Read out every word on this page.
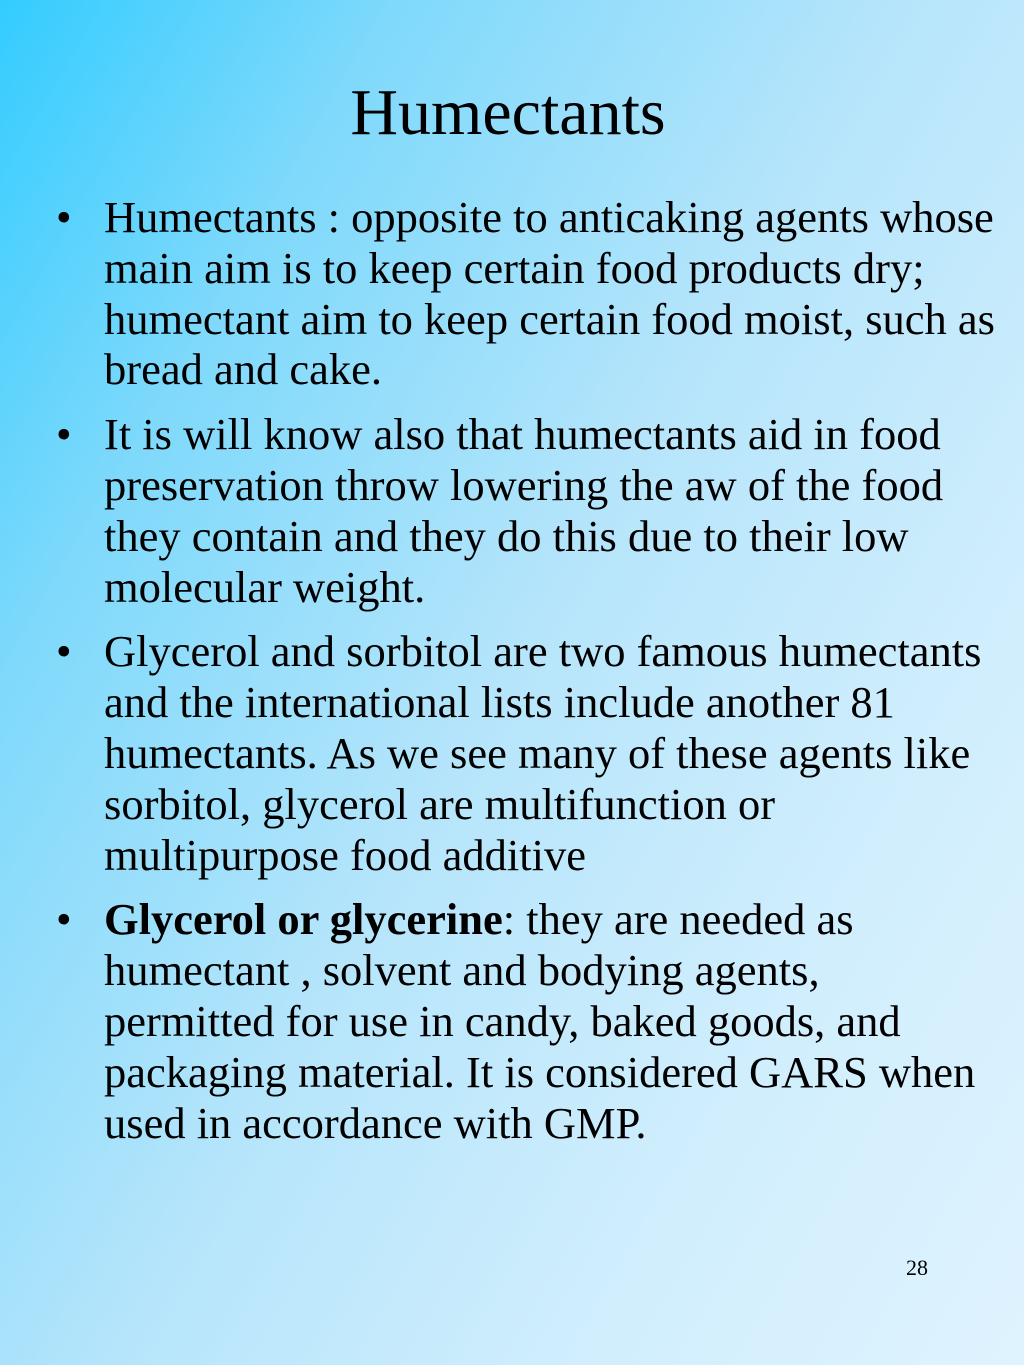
Humectants
• Humectants : opposite to anticaking agents whose main aim is to keep certain food products dry; humectant aim to keep certain food moist, such as bread and cake.
• It is will know also that humectants aid in food preservation throw lowering the aw of the food they contain and they do this due to their low molecular weight.
• Glycerol and sorbitol are two famous humectants and the international lists include another 81 humectants. As we see many of these agents like sorbitol, glycerol are multifunction or multipurpose food additive
• Glycerol or glycerine: they are needed as humectant , solvent and bodying agents, permitted for use in candy, baked goods, and packaging material. It is considered GARS when used in accordance with GMP.
28
